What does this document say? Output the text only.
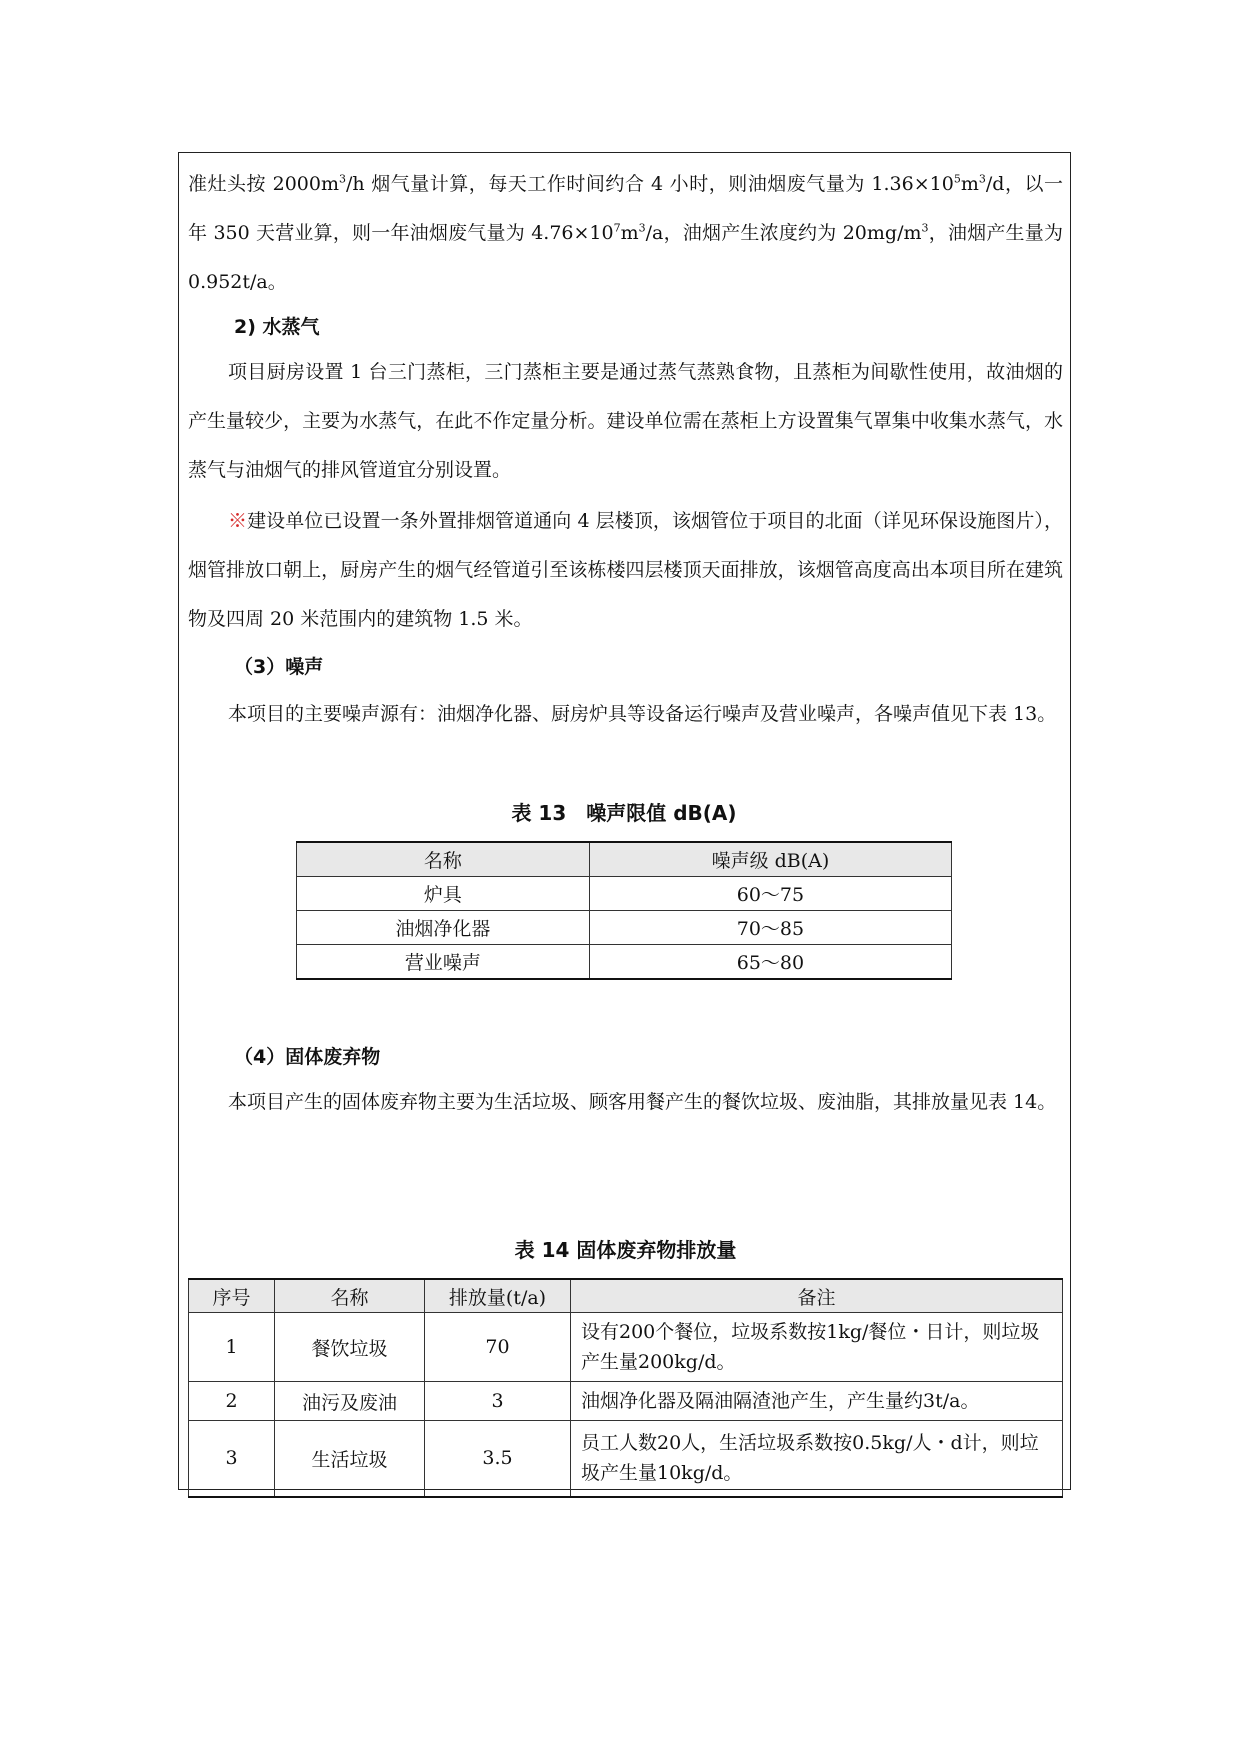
准灶头按 $2000m^3/h$ 烟气量计算，每天工作时间约合 4 小时，则油烟废气量为 $1.36\times 10^5m^3/d$，以一年 350 天营业算，则一年油烟废气量为 $4.76\times 10^7m^3/a$，油烟产生浓度约为 $20mg/m^3$，油烟产生量为 0.952t/a。

2) 水蒸气

项目厨房设置 1 台三门蒸柜，三门蒸柜主要是通过蒸气蒸熟食物，且蒸柜为间歇性使用，故油烟的产生量较少，主要为水蒸气，在此不作定量分析。建设单位需在蒸柜上方设置集气罩集中收集水蒸气，水蒸气与油烟气的排风管道宜分别设置。

※建设单位已设置一条外置排烟管道通向 4 层楼顶，该烟管位于项目的北面（详见环保设施图片），烟管排放口朝上，厨房产生的烟气经管道引至该栋楼四层楼顶天面排放，该烟管高度高出本项目所在建筑物及四周 20 米范围内的建筑物 1.5 米。

（3）噪声

本项目的主要噪声源有：油烟净化器、厨房炉具等设备运行噪声及营业噪声，各噪声值见下表 13。

表 13　噪声限值 dB(A)

名称	噪声级 dB(A)
炉具	60～75
油烟净化器	70～85
营业噪声	65～80

（4）固体废弃物

本项目产生的固体废弃物主要为生活垃圾、顾客用餐产生的餐饮垃圾、废油脂，其排放量见表 14。

表 14 固体废弃物排放量

序号	名称	排放量(t/a)	备注
1	餐饮垃圾	70	设有200个餐位，垃圾系数按1kg/餐位・日计，则垃圾产生量200kg/d。
2	油污及废油	3	油烟净化器及隔油隔渣池产生，产生量约3t/a。
3	生活垃圾	3.5	员工人数20人，生活垃圾系数按0.5kg/人・d计，则垃圾产生量10kg/d。
